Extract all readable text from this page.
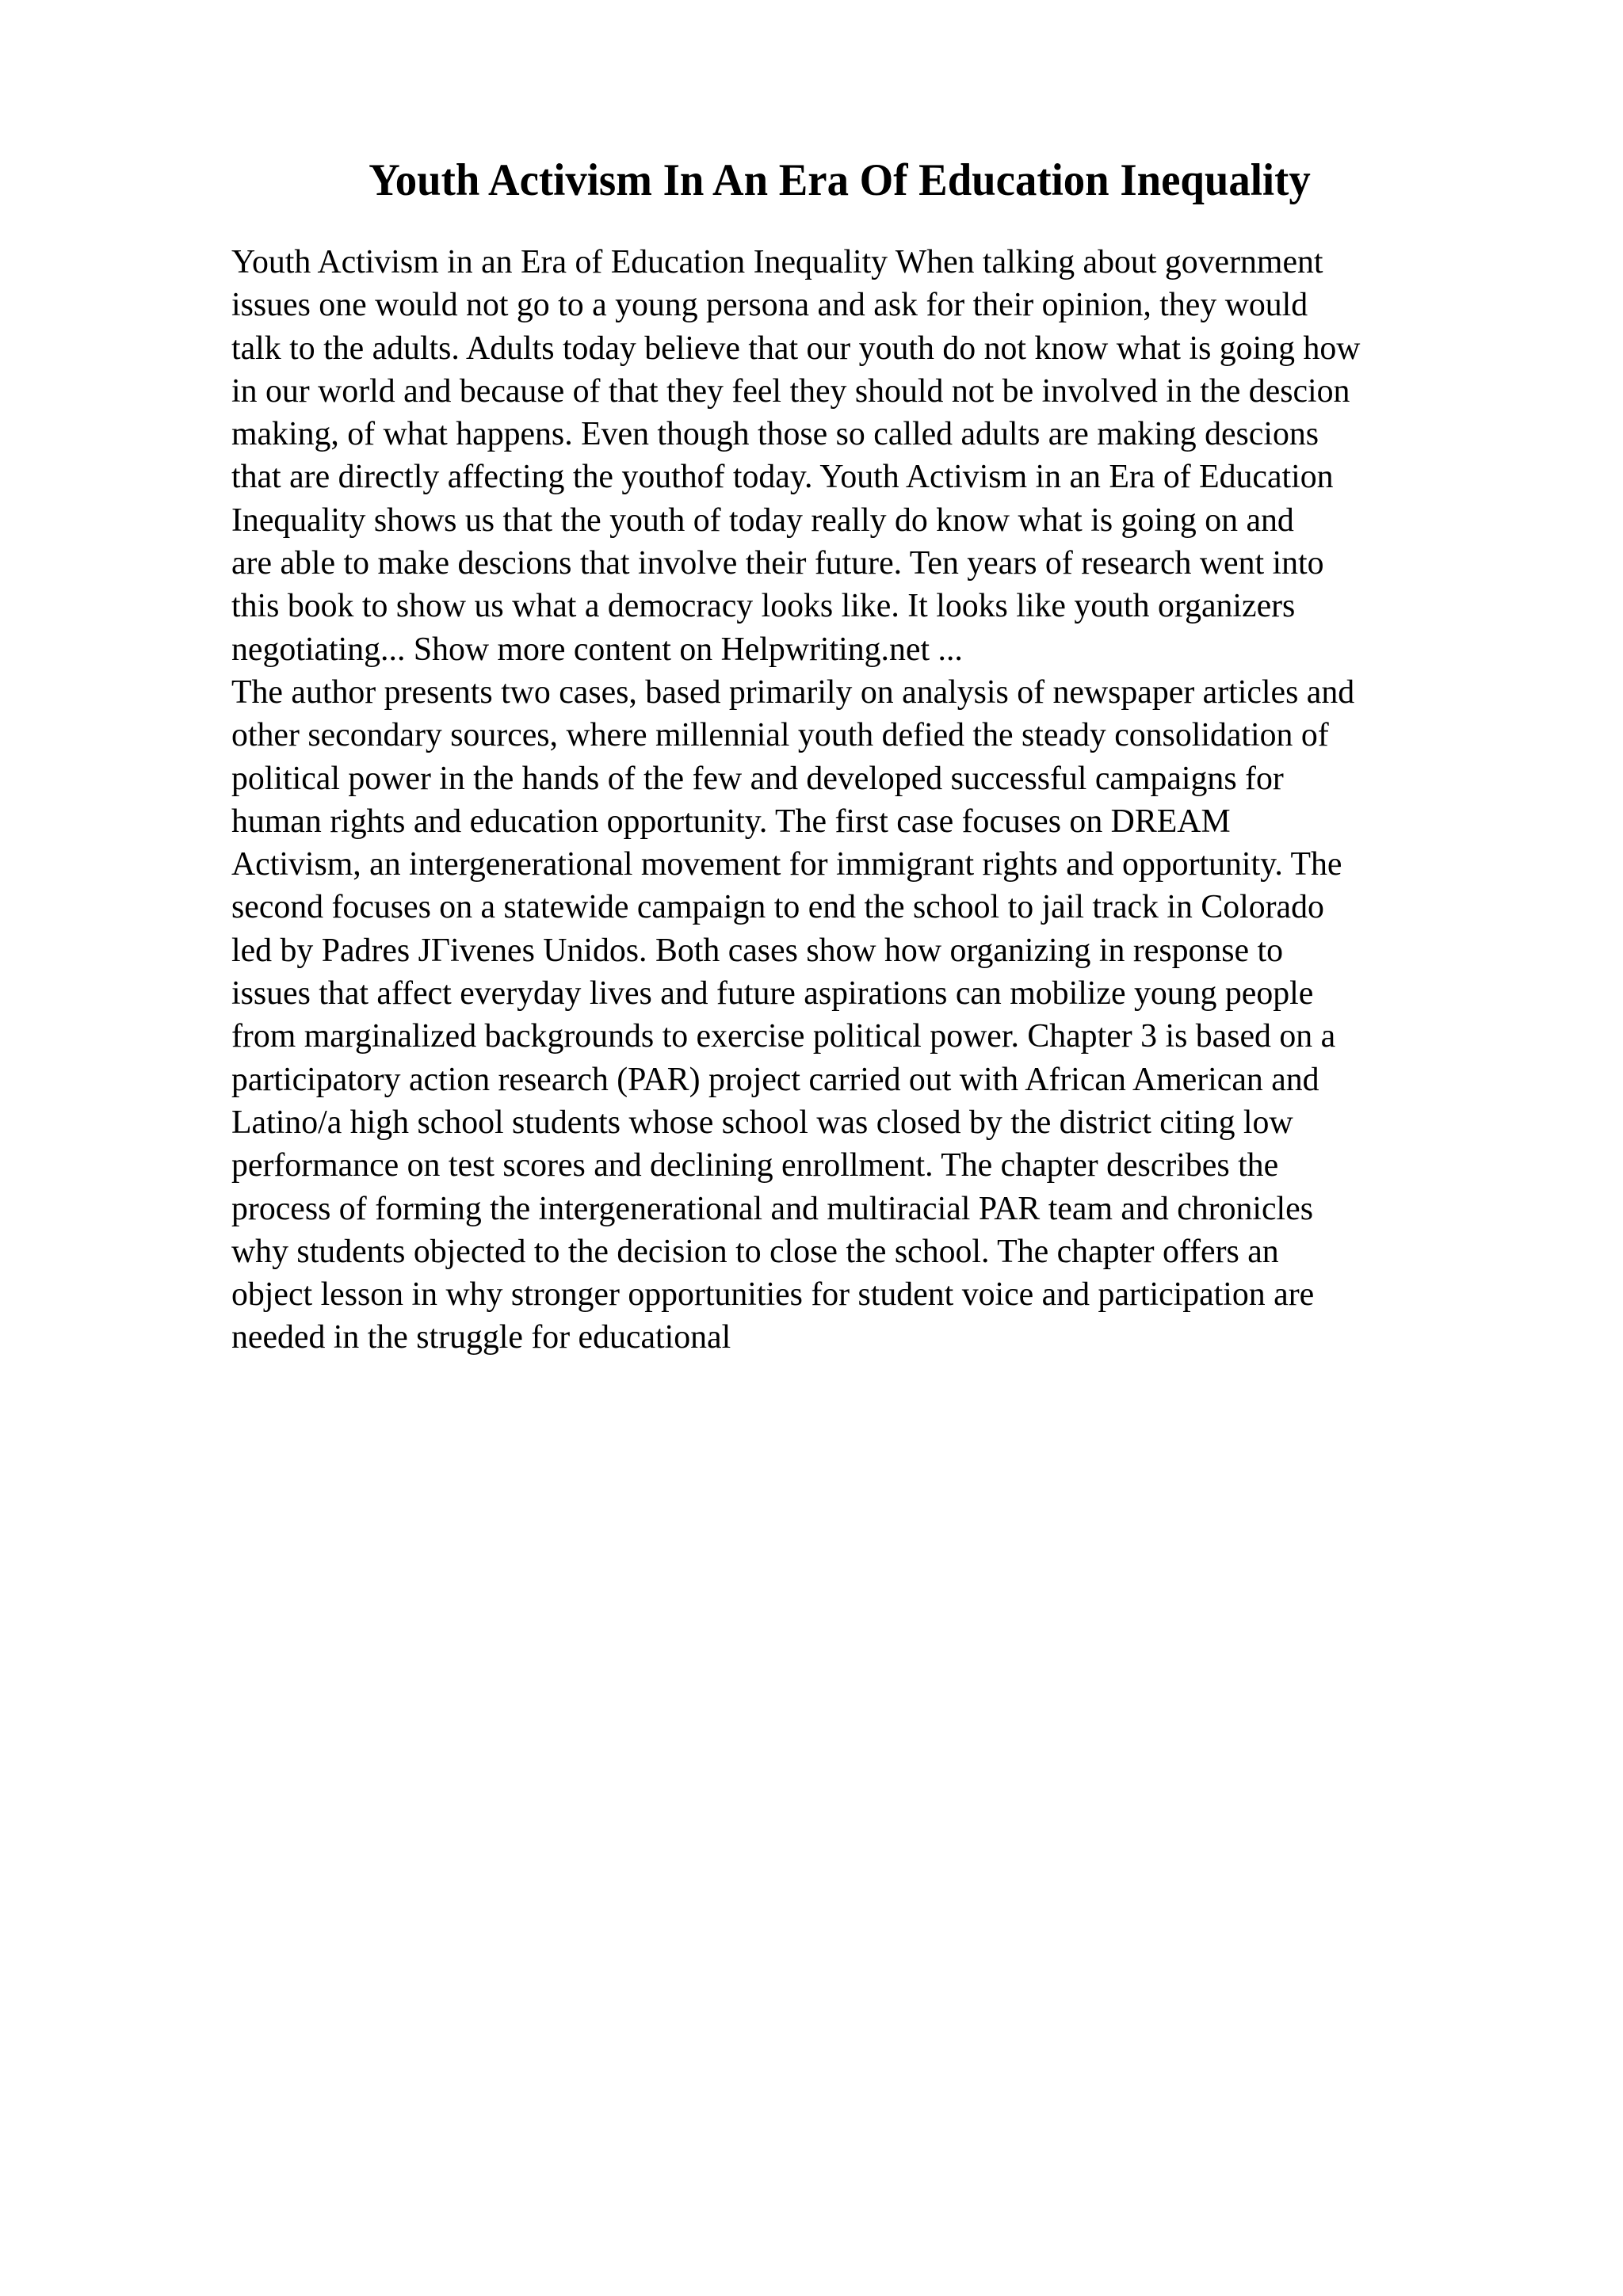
Youth Activism In An Era Of Education Inequality
Youth Activism in an Era of Education Inequality When talking about government
issues one would not go to a young persona and ask for their opinion, they would
talk to the adults. Adults today believe that our youth do not know what is going how
in our world and because of that they feel they should not be involved in the descion
making, of what happens. Even though those so called adults are making descions
that are directly affecting the youthof today. Youth Activism in an Era of Education
Inequality shows us that the youth of today really do know what is going on and
are able to make descions that involve their future. Ten years of research went into
this book to show us what a democracy looks like. It looks like youth organizers
negotiating... Show more content on Helpwriting.net ...
The author presents two cases, based primarily on analysis of newspaper articles and
other secondary sources, where millennial youth defied the steady consolidation of
political power in the hands of the few and developed successful campaigns for
human rights and education opportunity. The first case focuses on DREAM
Activism, an intergenerational movement for immigrant rights and opportunity. The
second focuses on a statewide campaign to end the school to jail track in Colorado
led by Padres JΓivenes Unidos. Both cases show how organizing in response to
issues that affect everyday lives and future aspirations can mobilize young people
from marginalized backgrounds to exercise political power. Chapter 3 is based on a
participatory action research (PAR) project carried out with African American and
Latino/a high school students whose school was closed by the district citing low
performance on test scores and declining enrollment. The chapter describes the
process of forming the intergenerational and multiracial PAR team and chronicles
why students objected to the decision to close the school. The chapter offers an
object lesson in why stronger opportunities for student voice and participation are
needed in the struggle for educational
